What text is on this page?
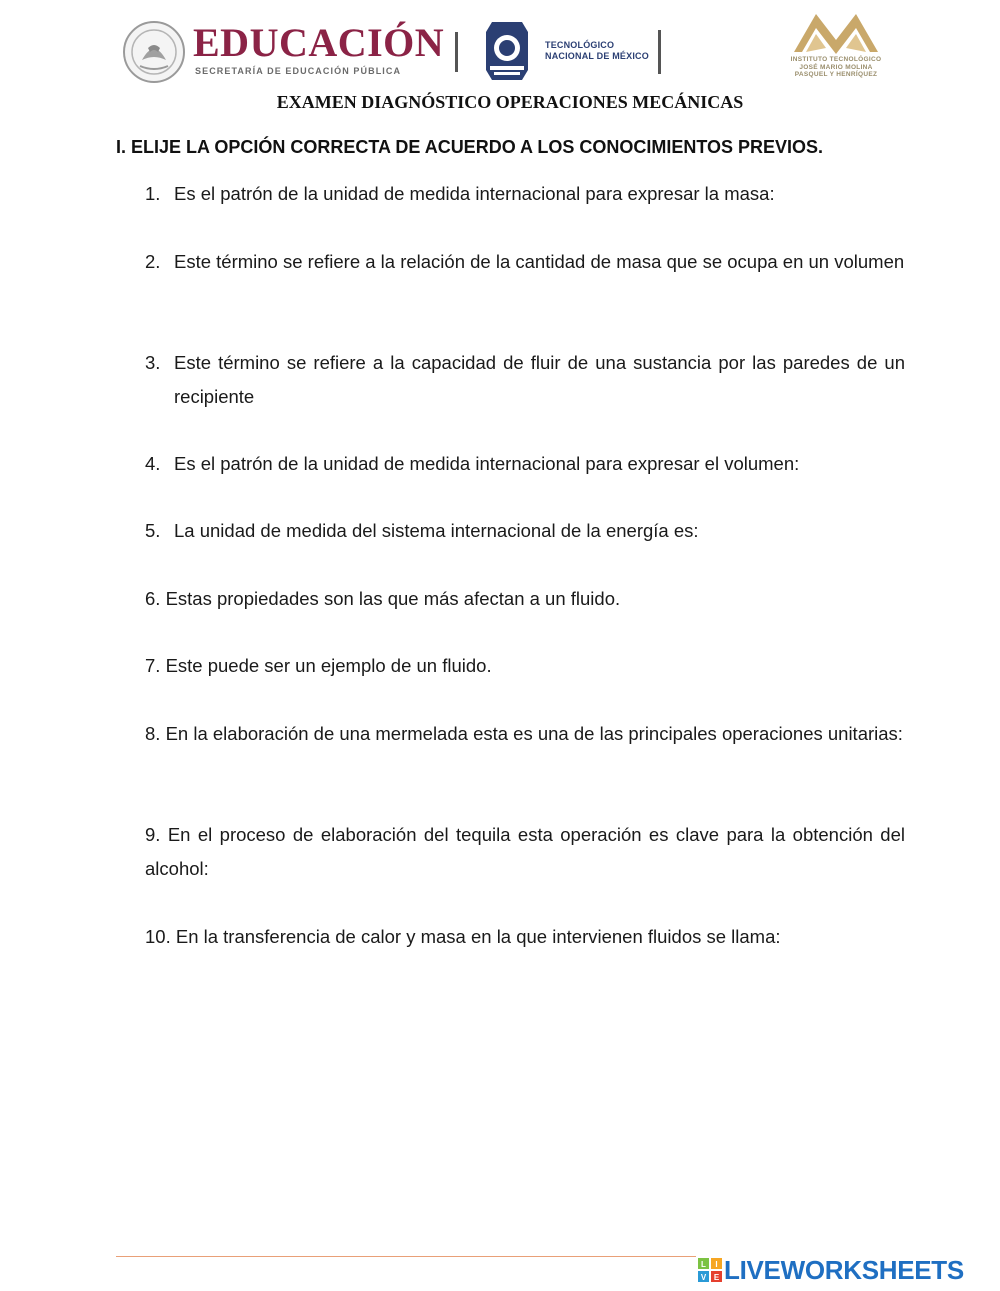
EDUCACIÓN
SECRETARÍA DE EDUCACIÓN PÚBLICA
TECNOLÓGICO
NACIONAL DE MÉXICO	INSTITUTO TECNOLÓGICO
JOSÉ MARIO MOLINA
PASQUEL Y HENRÍQUEZ
EXAMEN DIAGNÓSTICO OPERACIONES MECÁNICAS
I. ELIJE LA OPCIÓN CORRECTA DE ACUERDO A LOS CONOCIMIENTOS PREVIOS.
1. Es el patrón de la unidad de medida internacional para expresar la masa:
2. Este término se refiere a la relación de la cantidad de masa que se ocupa en un volumen
3. Este término se refiere a la capacidad de fluir de una sustancia por las paredes de un recipiente
4. Es el patrón de la unidad de medida internacional para expresar el volumen:
5. La unidad de medida del sistema internacional de la energía es:
6. Estas propiedades son las que más afectan a un fluido.
7. Este puede ser un ejemplo de un fluido.
8. En la elaboración de una mermelada esta es una de las principales operaciones unitarias:
9. En el proceso de elaboración del tequila esta operación es clave para la obtención del alcohol:
10. En la transferencia de calor y masa en la que intervienen fluidos se llama:
L I
V E LIVEWORKSHEETS
